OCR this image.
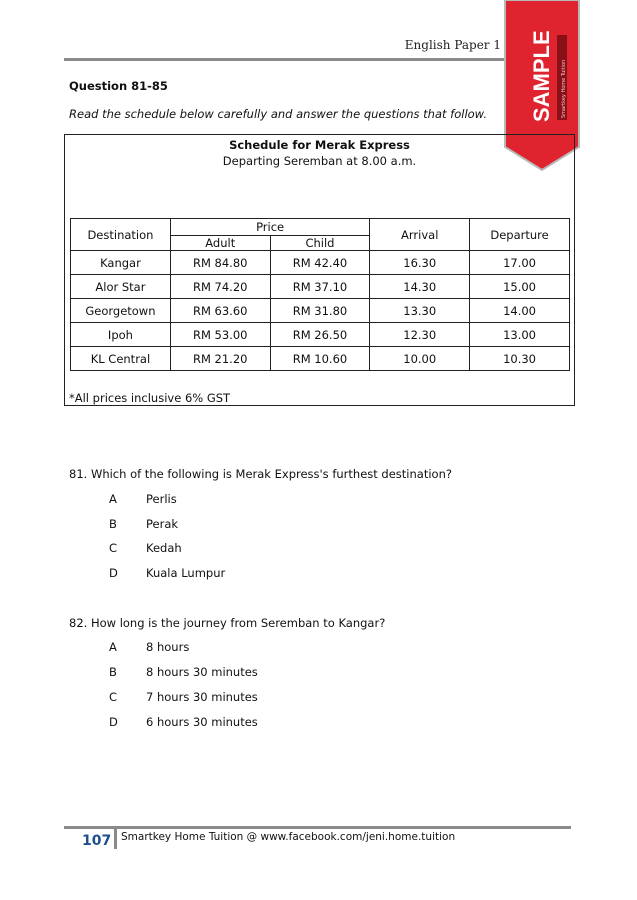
English Paper 1 SAMPLE Smartkey Home Tuition
Question 81-85
Read the schedule below carefully and answer the questions that follow.
Schedule for Merak Express
Departing Seremban at 8.00 a.m.
Destination	Price		Arrival	Departure
	Adult	Child		
Kangar	RM 84.80	RM 42.40	16.30	17.00
Alor Star	RM 74.20	RM 37.10	14.30	15.00
Georgetown	RM 63.60	RM 31.80	13.30	14.00
Ipoh	RM 53.00	RM 26.50	12.30	13.00
KL Central	RM 21.20	RM 10.60	10.00	10.30
*All prices inclusive 6% GST
81. Which of the following is Merak Express's furthest destination?
A	Perlis
B	Perak
C	Kedah
D Kuala Lumpur
82. How long is the journey from Seremban to Kangar?
A	8 hours
B	8 hours 30 minutes
C	7 hours 30 minutes
D 6 hours 30 minutes
107 Smartkey Home Tuition @ www.facebook.com/jeni.home.tuition
